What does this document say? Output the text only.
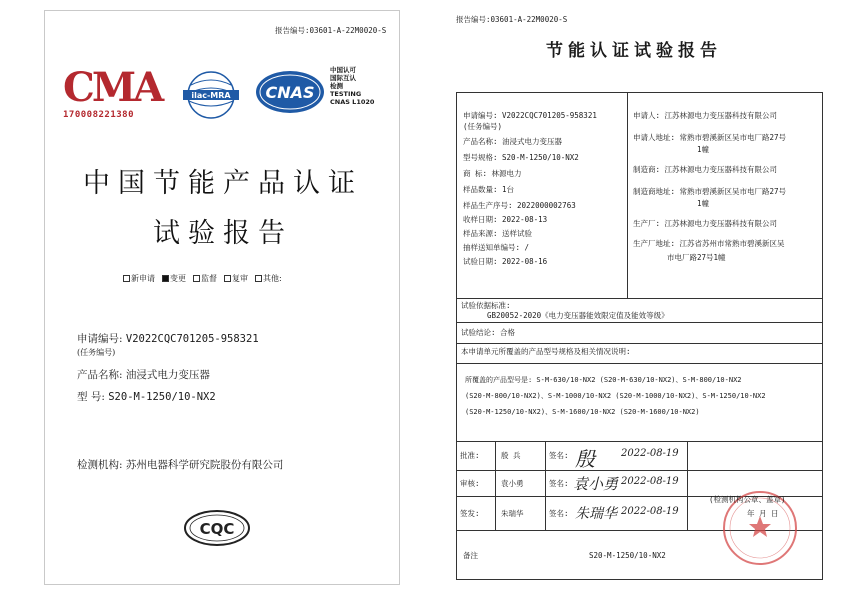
报告编号:03601-A-22M0020-S
CMA
170008221380
ilac-MRA CNAS
中国认可
国际互认
检测
TESTING
CNAS L1020
中国节能产品认证
试验报告
新申请 变更 监督 复审 其他:
申请编号: V2022CQC701205-958321
(任务编号)
产品名称: 油浸式电力变压器
型 号: S20-M-1250/10-NX2
检测机构: 苏州电器科学研究院股份有限公司
CQC
报告编号:03601-A-22M0020-S
节能认证试验报告
申请编号: V2022CQC701205-958321
(任务编号)
产品名称: 油浸式电力变压器
型号规格: S20-M-1250/10-NX2
商 标: 林源电力
样品数量: 1台
样品生产序号: 2022000002763
收样日期: 2022-08-13
样品来源: 送样试验
抽样送知单编号: /
试验日期: 2022-08-16
申请人: 江苏林源电力变压器科技有限公司
申请人地址: 常熟市碧溪新区吴市电厂路27号
1幢
制造商: 江苏林源电力变压器科技有限公司
制造商地址: 常熟市碧溪新区吴市电厂路27号
1幢
生产厂: 江苏林源电力变压器科技有限公司
生产厂地址: 江苏省苏州市常熟市碧溪新区吴
市电厂路27号1幢
试验依据标准:
GB20052-2020《电力变压器能效限定值及能效等级》
试验结论: 合格
本申请单元所覆盖的产品型号规格及相关情况说明:
所覆盖的产品型号是: S-M-630/10-NX2 (S20-M-630/10-NX2)、S-M-800/10-NX2
(S20-M-800/10-NX2)、S-M-1000/10-NX2 (S20-M-1000/10-NX2)、S-M-1250/10-NX2
(S20-M-1250/10-NX2)、S-M-1600/10-NX2 (S20-M-1600/10-NX2)
批准:	殷 兵	签名: 殷	2022-08-19
审核:	袁小勇	签名: 袁小勇 2022-08-19
签发:	朱瑞华	签名: 朱瑞华 2022-08-19
(检测机构公章、盖章)
年 月 日
备注	S20-M-1250/10-NX2
